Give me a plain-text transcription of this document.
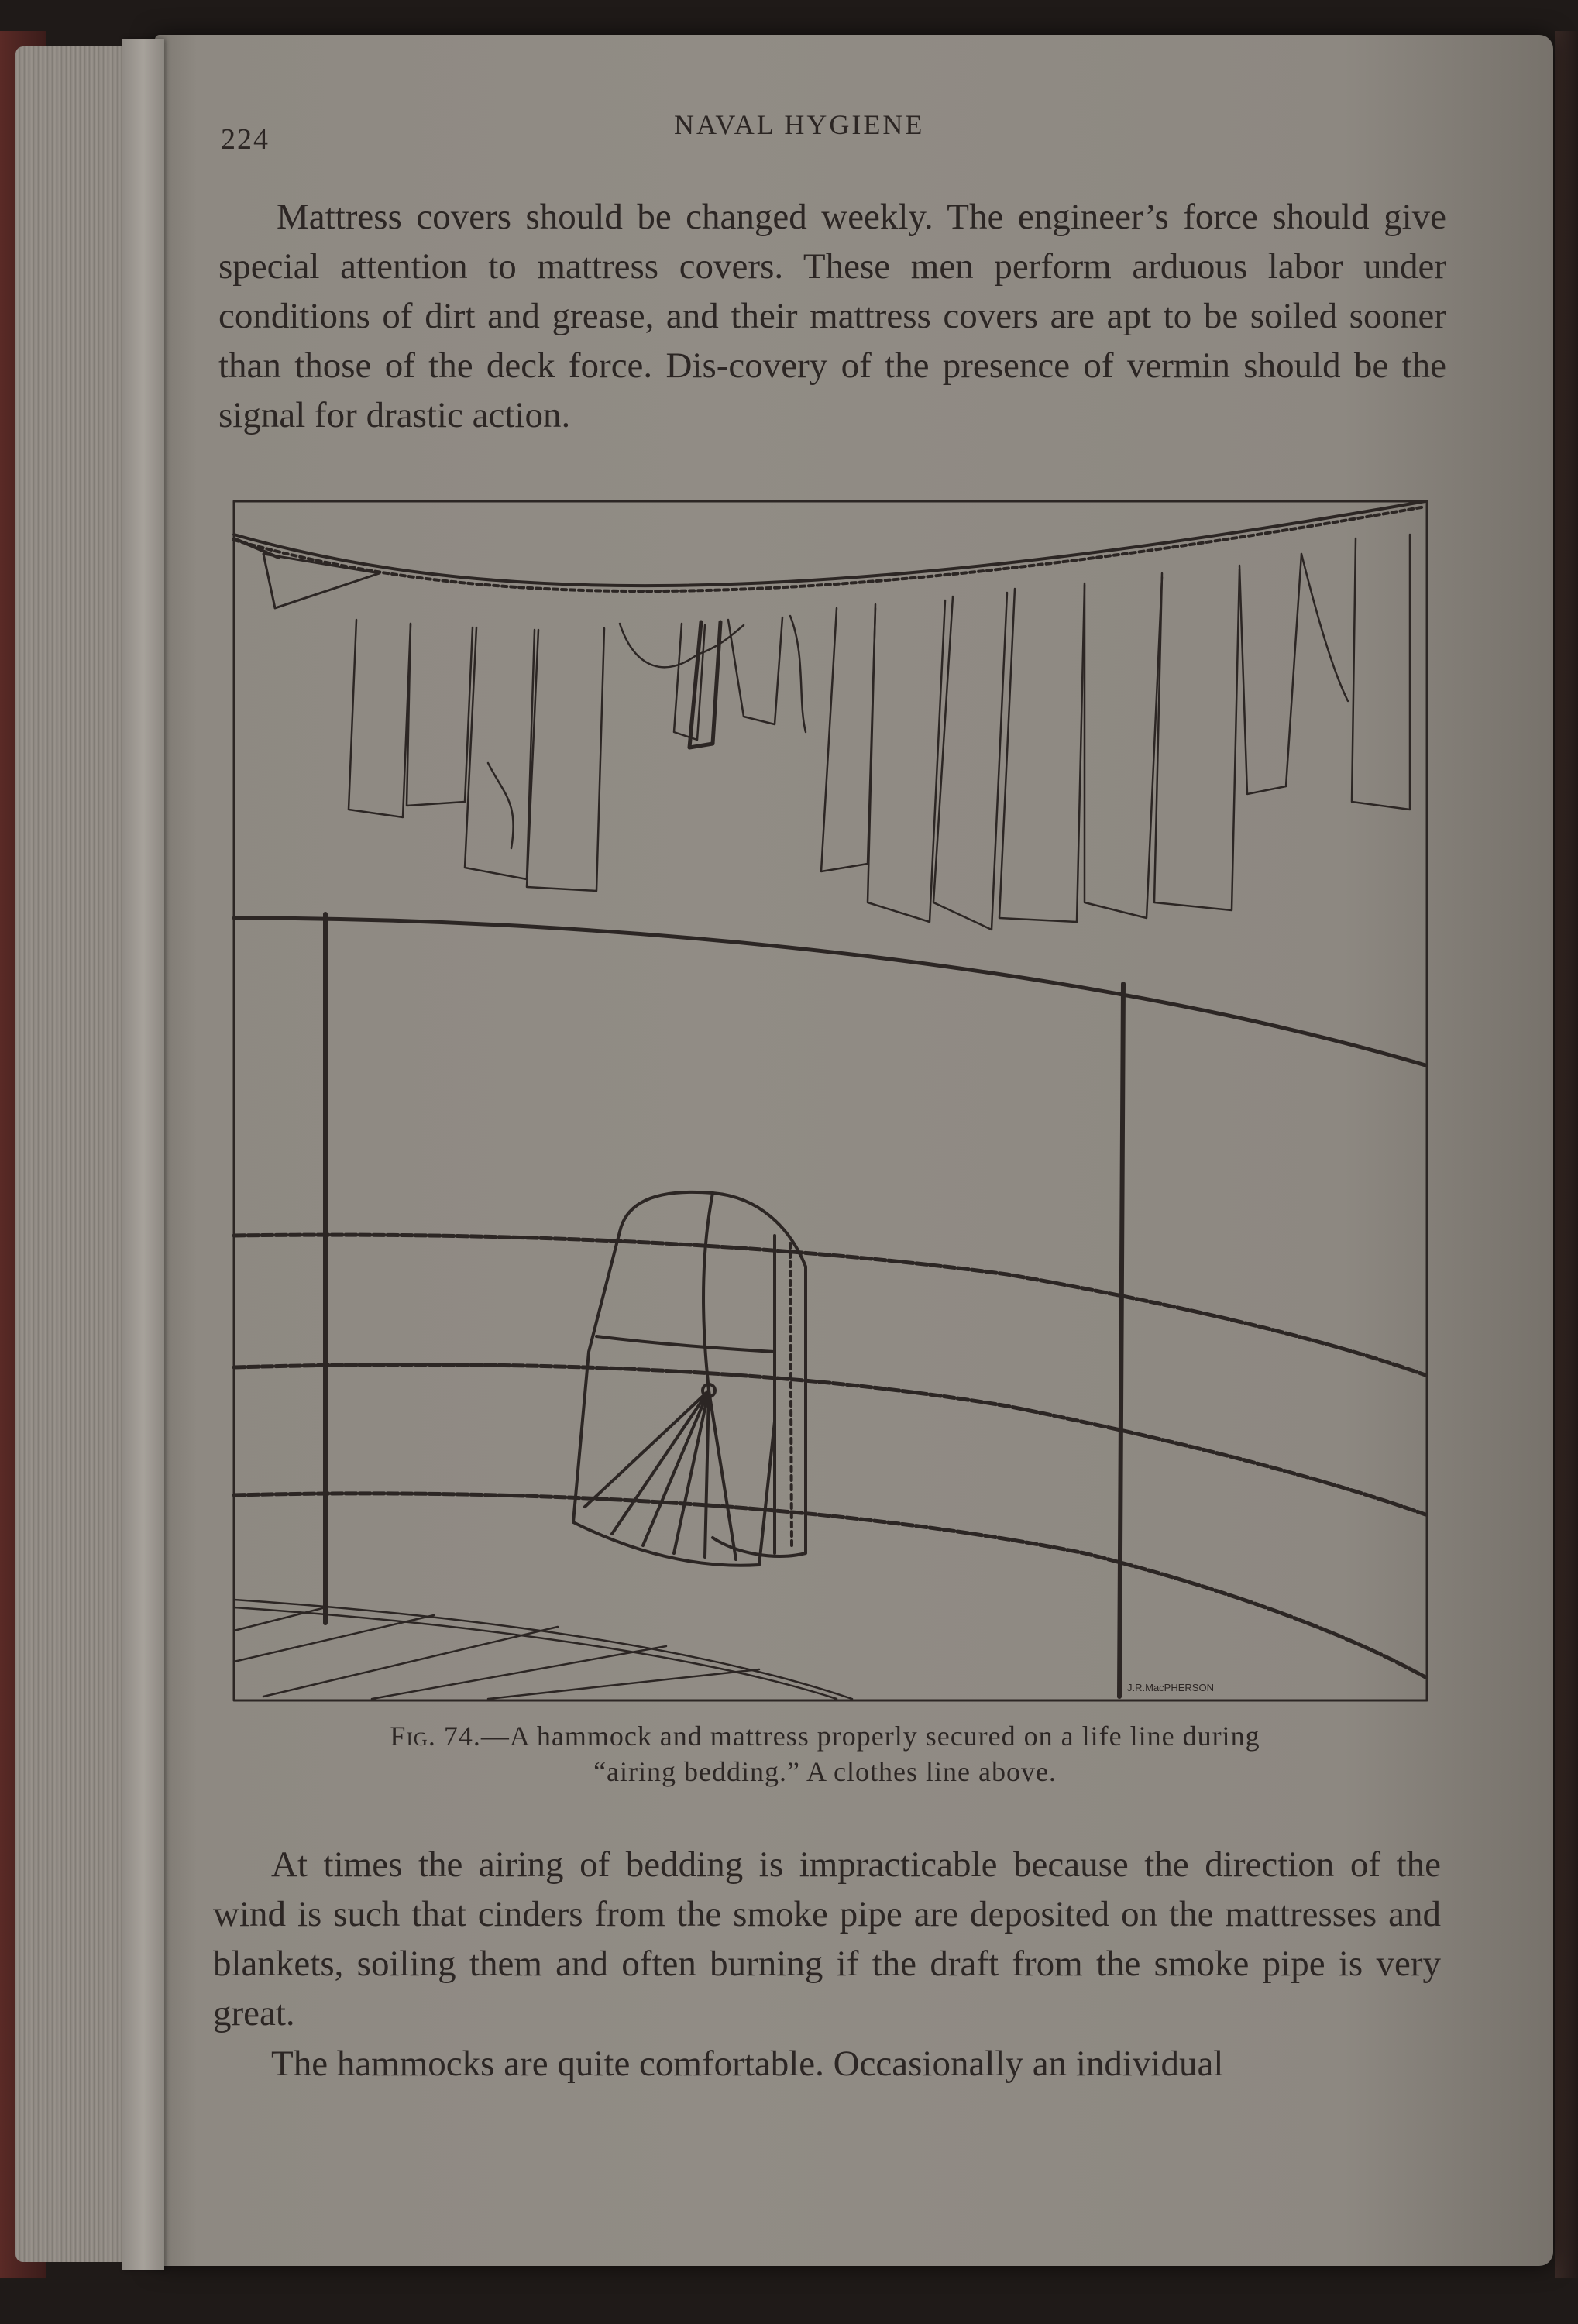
224	NAVAL HYGIENE

Mattress covers should be changed weekly. The engineer’s force should give special attention to mattress covers. These men perform arduous labor under conditions of dirt and grease, and their mattress covers are apt to be soiled sooner than those of the deck force. Dis-covery of the presence of vermin should be the signal for drastic action.

J.R.MacPHERSON
Fig. 74.—A hammock and mattress properly secured on a life line during
“airing bedding.” A clothes line above.

At times the airing of bedding is impracticable because the direction of the wind is such that cinders from the smoke pipe are deposited on the mattresses and blankets, soiling them and often burning if the draft from the smoke pipe is very great.

The hammocks are quite comfortable. Occasionally an individual
